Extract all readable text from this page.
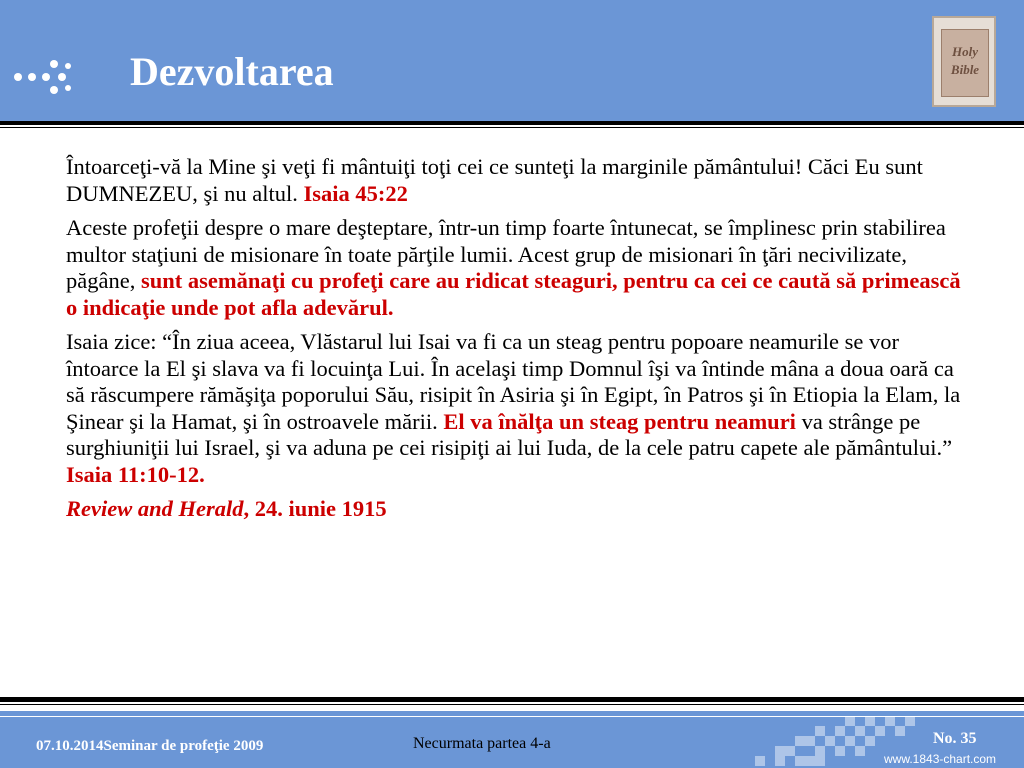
Dezvoltarea	Holy
Bible

Întoarceţi-vă la Mine şi veţi fi mântuiţi toţi cei ce sunteţi la marginile pământului! Căci Eu sunt DUMNEZEU, şi nu altul. Isaia 45:22

Aceste profeţii despre o mare deşteptare, într-un timp foarte întunecat, se împlinesc prin stabilirea multor staţiuni de misionare în toate părţile lumii. Acest grup de misionari în ţări necivilizate, păgâne, sunt asemănaţi cu profeţi care au ridicat steaguri, pentru ca cei ce caută să primească o indicaţie unde pot afla adevărul.

Isaia zice: “În ziua aceea, Vlăstarul lui Isai va fi ca un steag pentru popoare neamurile se vor întoarce la El şi slava va fi locuinţa Lui. În acelaşi timp Domnul îşi va întinde mâna a doua oară ca să răscumpere rămăşiţa poporului Său, risipit în Asiria şi în Egipt, în Patros şi în Etiopia la Elam, la Şinear şi la Hamat, şi în ostroavele mării. El va înălţa un steag pentru neamuri va strânge pe surghiuniţii lui Israel, şi va aduna pe cei risipiţi ai lui Iuda, de la cele patru capete ale pământului.” Isaia 11:10-12.

Review and Herald, 24. iunie 1915

07.10.2014Seminar de profeţie 2009	Necurmata partea 4-a	No. 35
www.1843-chart.com
